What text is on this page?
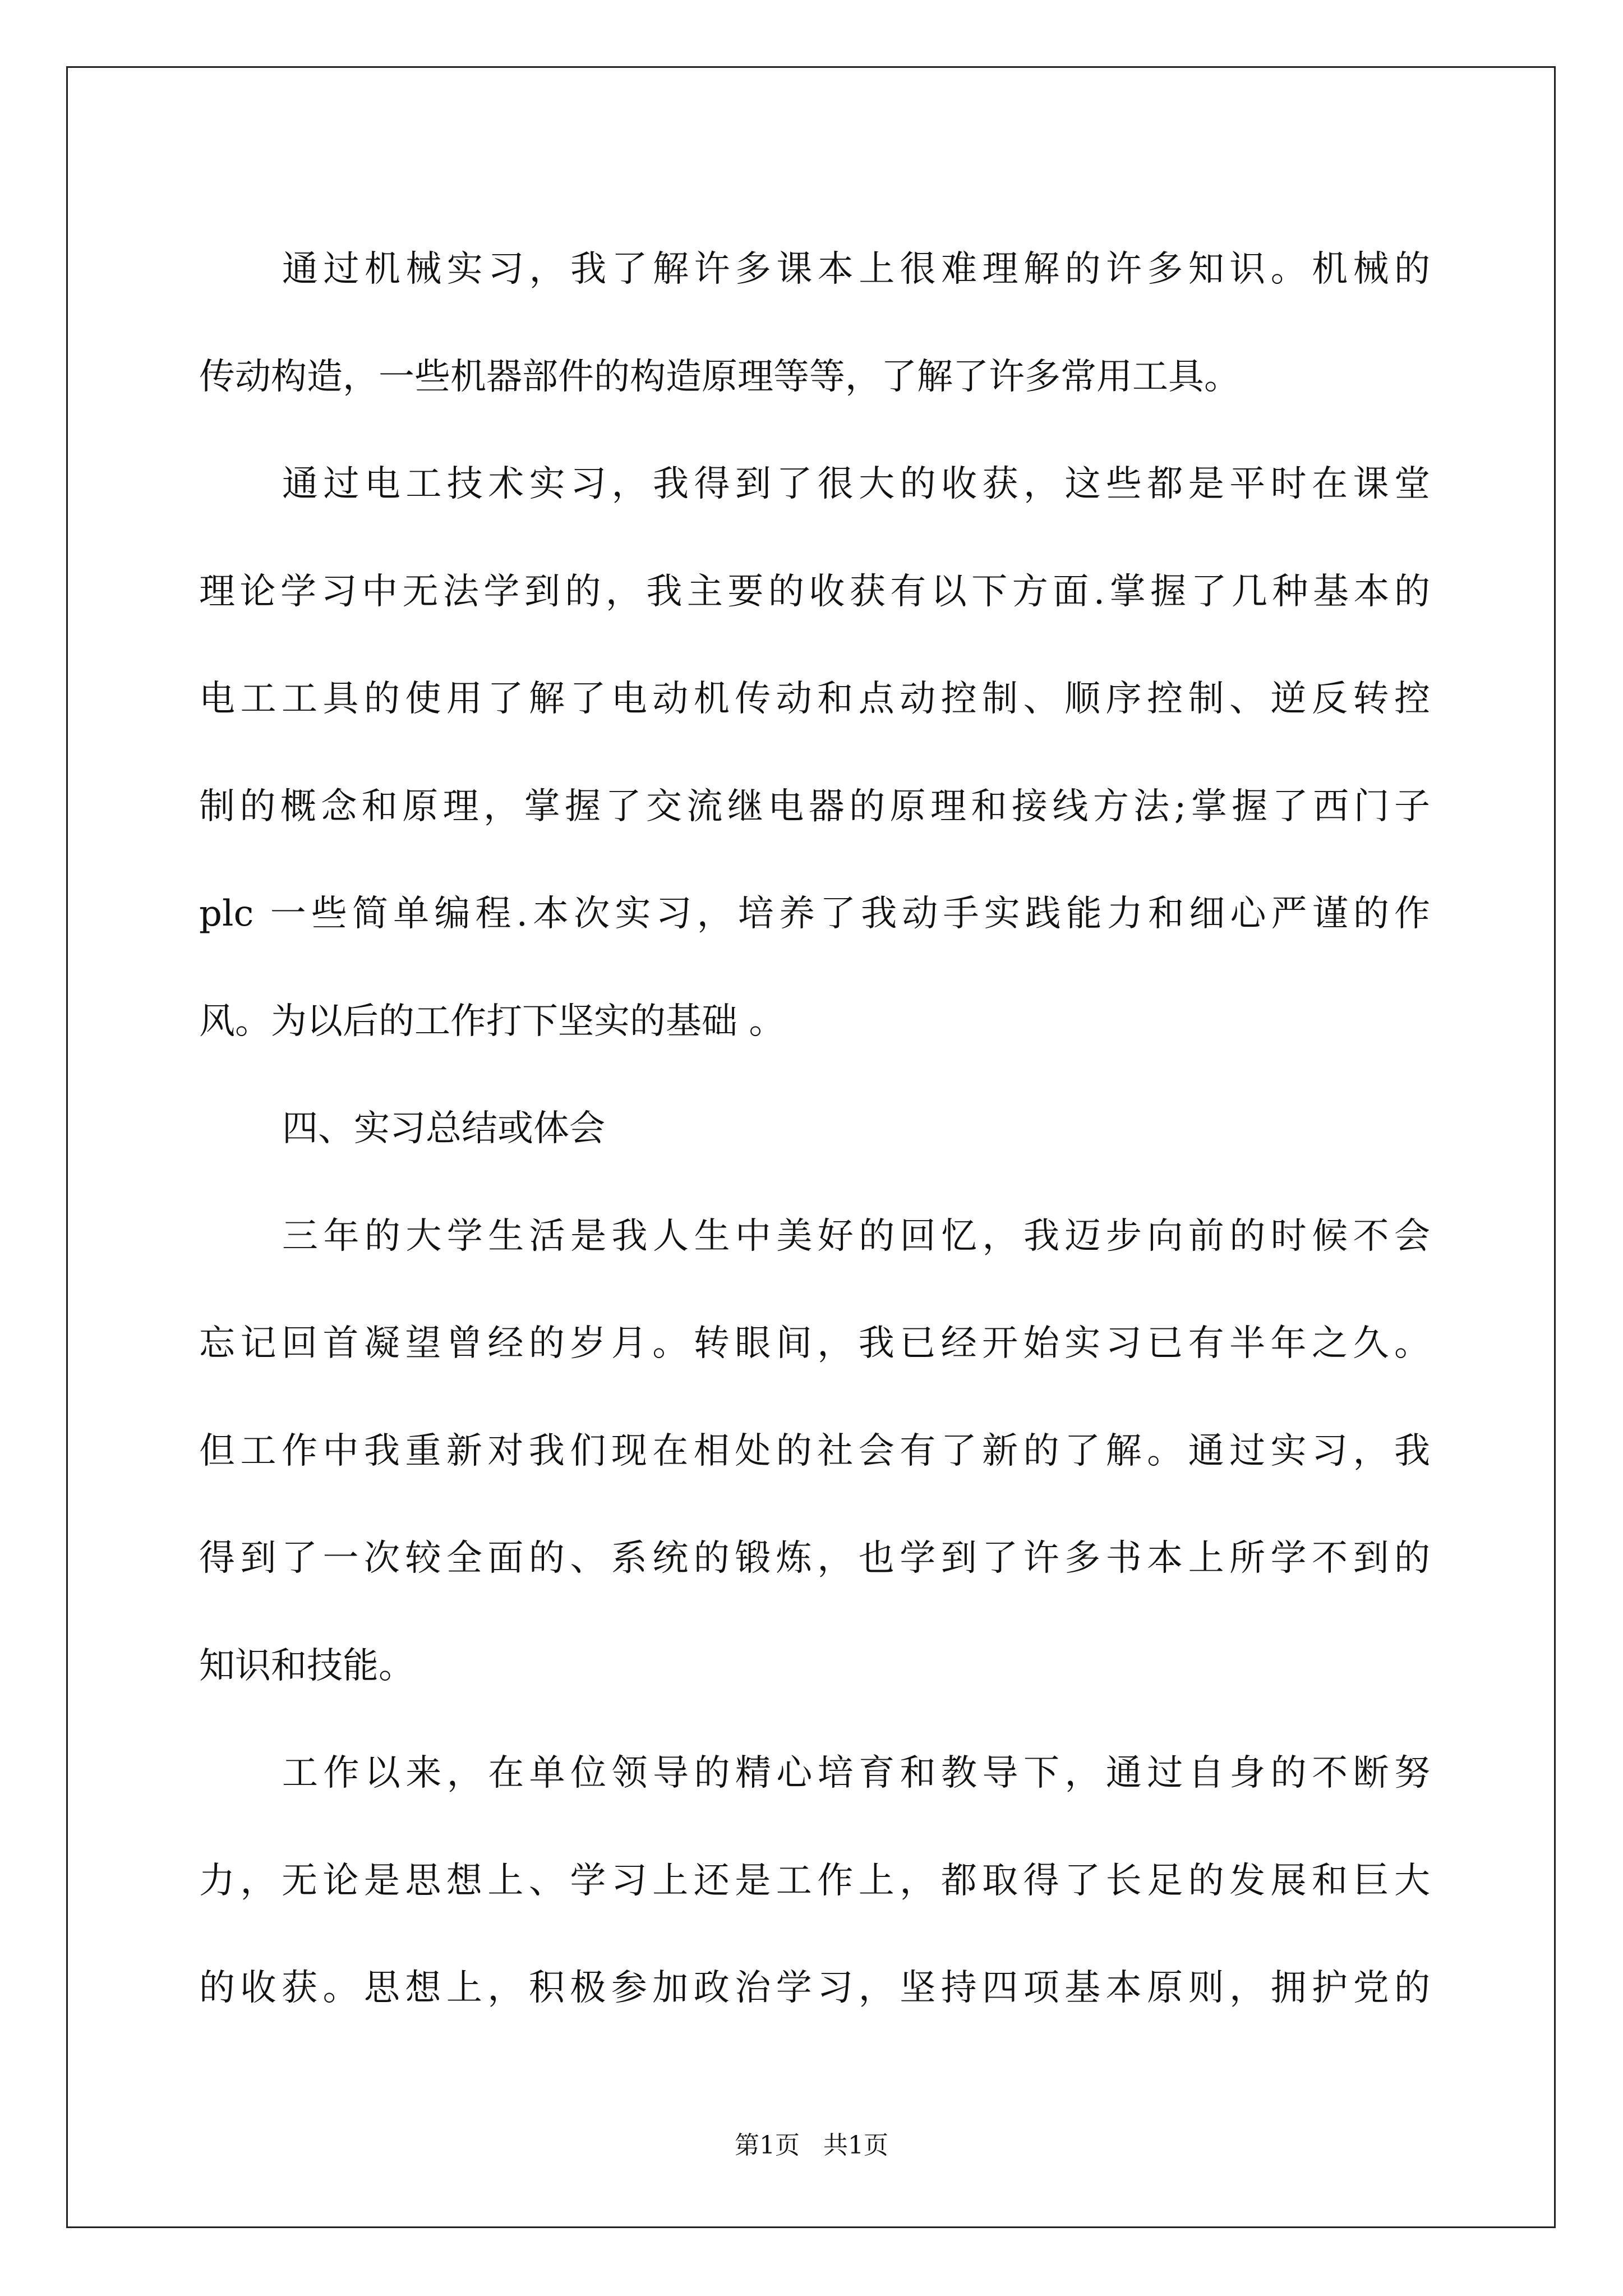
通过机械实习，我了解许多课本上很难理解的许多知识。机械的
传动构造，一些机器部件的构造原理等等，了解了许多常用工具。
通过电工技术实习，我得到了很大的收获，这些都是平时在课堂
理论学习中无法学到的，我主要的收获有以下方面.掌握了几种基本的
电工工具的使用了解了电动机传动和点动控制、顺序控制、逆反转控
制的概念和原理，掌握了交流继电器的原理和接线方法;掌握了西门子
plc 一些简单编程.本次实习，培养了我动手实践能力和细心严谨的作
风。为以后的工作打下坚实的基础 。
四、实习总结或体会
三年的大学生活是我人生中美好的回忆，我迈步向前的时候不会
忘记回首凝望曾经的岁月。转眼间，我已经开始实习已有半年之久。
但工作中我重新对我们现在相处的社会有了新的了解。通过实习，我
得到了一次较全面的、系统的锻炼，也学到了许多书本上所学不到的
知识和技能。
工作以来，在单位领导的精心培育和教导下，通过自身的不断努
力，无论是思想上、学习上还是工作上，都取得了长足的发展和巨大
的收获。思想上，积极参加政治学习，坚持四项基本原则，拥护党的
第1页   共1页
